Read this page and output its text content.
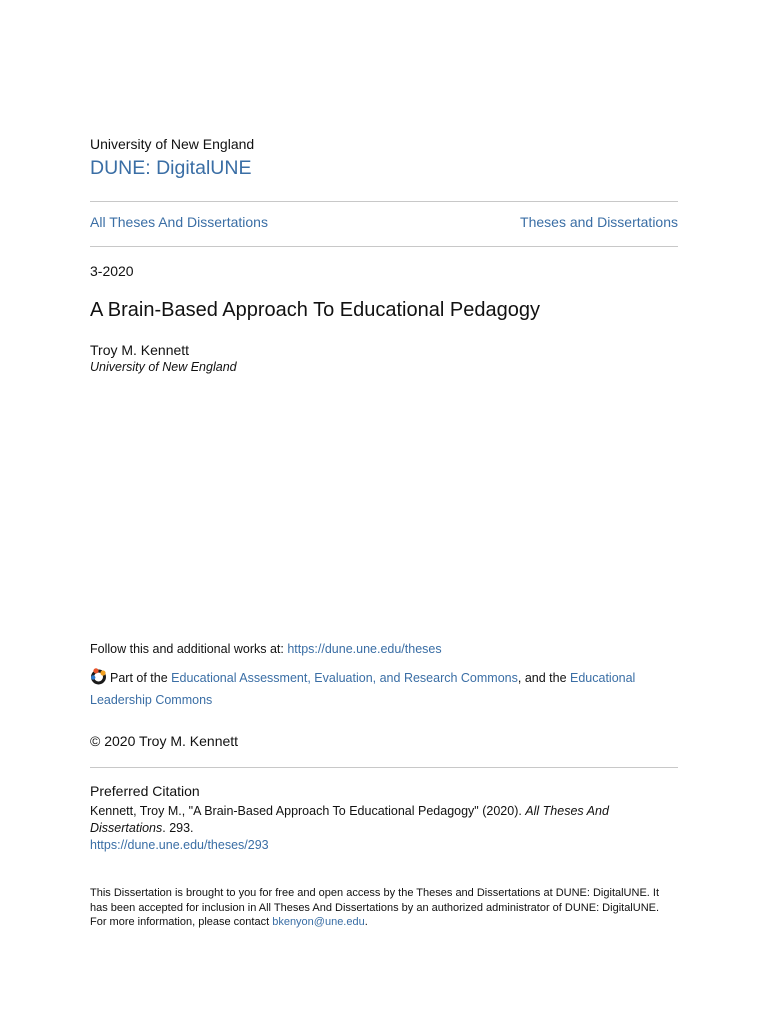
University of New England
DUNE: DigitalUNE
All Theses And Dissertations	Theses and Dissertations
3-2020
A Brain-Based Approach To Educational Pedagogy
Troy M. Kennett
University of New England
Follow this and additional works at: https://dune.une.edu/theses
Part of the Educational Assessment, Evaluation, and Research Commons, and the Educational Leadership Commons
© 2020 Troy M. Kennett
Preferred Citation
Kennett, Troy M., "A Brain-Based Approach To Educational Pedagogy" (2020). All Theses And Dissertations. 293.
https://dune.une.edu/theses/293
This Dissertation is brought to you for free and open access by the Theses and Dissertations at DUNE: DigitalUNE. It has been accepted for inclusion in All Theses And Dissertations by an authorized administrator of DUNE: DigitalUNE. For more information, please contact bkenyon@une.edu.
